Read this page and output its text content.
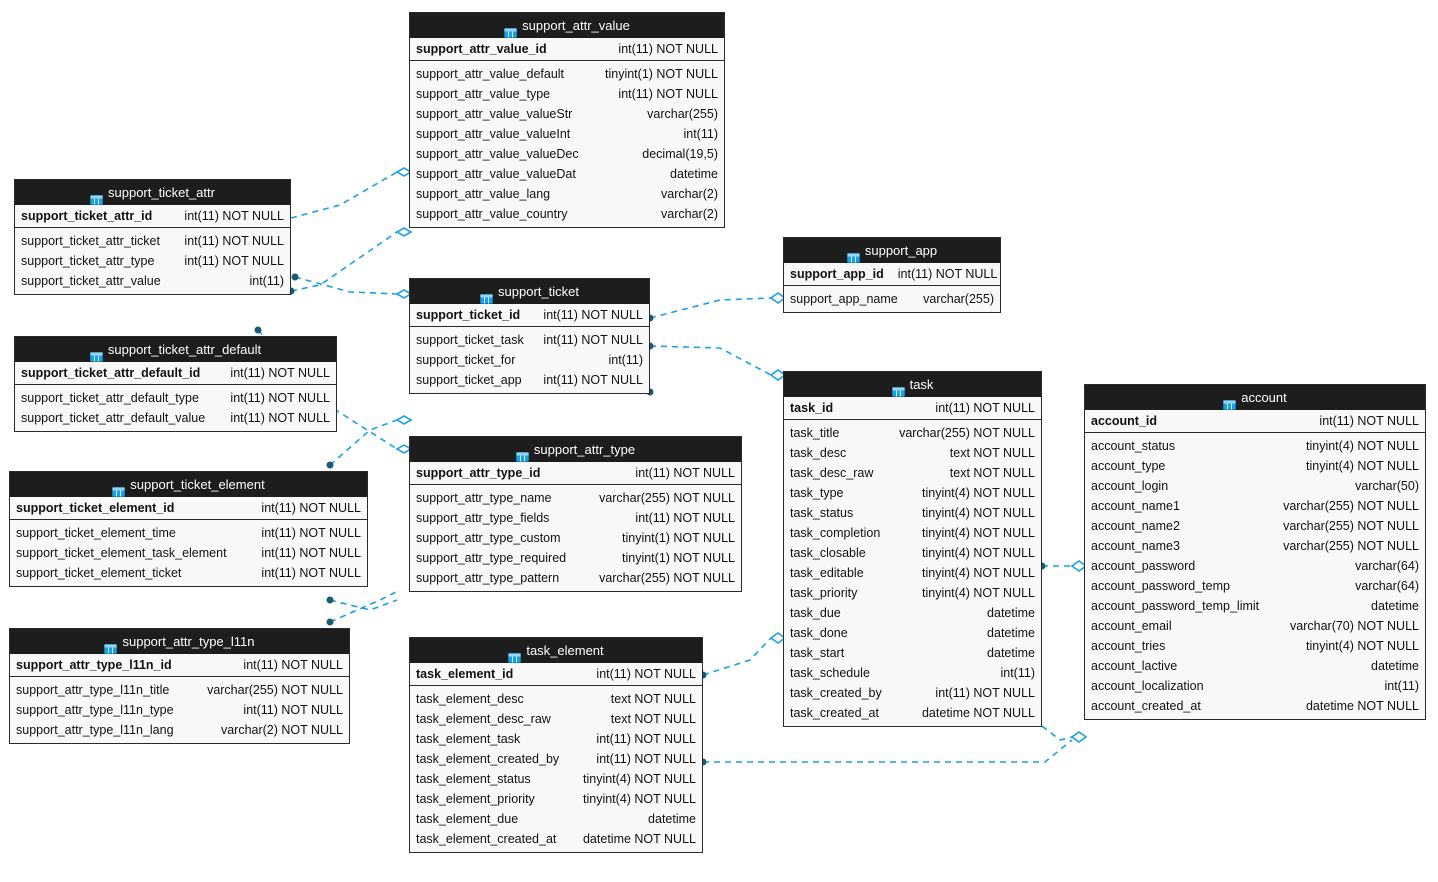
support_attr_value
support_attr_value_id	int(11) NOT NULL
support_attr_value_default	tinyint(1) NOT NULL
support_attr_value_type	int(11) NOT NULL
support_attr_value_valueStr	varchar(255)
support_attr_value_valueInt	int(11)
support_attr_value_valueDec	decimal(19,5)
support_attr_value_valueDat	datetime
support_attr_value_lang	varchar(2)
support_attr_value_country	varchar(2)
support_ticket_attr
support_ticket_attr_id	int(11) NOT NULL
support_ticket_attr_ticket int(11) NOT NULL
support_ticket_attr_type int(11) NOT NULL
support_ticket_attr_value	int(11)
support_app
support_app_id int(11) NOT NULL
support_app_name varchar(255)
support_ticket
support_ticket_id int(11) NOT NULL
support_ticket_task int(11) NOT NULL
support_ticket_for	int(11)
support_ticket_app int(11) NOT NULL
support_ticket_attr_default
support_ticket_attr_default_id int(11) NOT NULL
support_ticket_attr_default_type	int(11) NOT NULL
support_ticket_attr_default_value int(11) NOT NULL
task
task_id	int(11) NOT NULL
task_title	varchar(255) NOT NULL
task_desc	text NOT NULL
task_desc_raw	text NOT NULL
task_type	tinyint(4) NOT NULL
task_status	tinyint(4) NOT NULL
task_completion	tinyint(4) NOT NULL
task_closable	tinyint(4) NOT NULL
task_editable	tinyint(4) NOT NULL
task_priority	tinyint(4) NOT NULL
task_due	datetime
task_done	datetime
task_start	datetime
task_schedule	int(11)
task_created_by	int(11) NOT NULL
task_created_at	datetime NOT NULL
account
account_id	int(11) NOT NULL
account_status	tinyint(4) NOT NULL
account_type	tinyint(4) NOT NULL
account_login	varchar(50)
account_name1	varchar(255) NOT NULL
account_name2	varchar(255) NOT NULL
account_name3	varchar(255) NOT NULL
account_password	varchar(64)
account_password_temp	varchar(64)
account_password_temp_limit	datetime
account_email	varchar(70) NOT NULL
account_tries	tinyint(4) NOT NULL
account_lactive	datetime
account_localization	int(11)
account_created_at	datetime NOT NULL
support_attr_type
support_attr_type_id	int(11) NOT NULL
support_attr_type_name	varchar(255) NOT NULL
support_attr_type_fields	int(11) NOT NULL
support_attr_type_custom	tinyint(1) NOT NULL
support_attr_type_required	tinyint(1) NOT NULL
support_attr_type_pattern	varchar(255) NOT NULL
support_ticket_element
support_ticket_element_id	int(11) NOT NULL
support_ticket_element_time	int(11) NOT NULL
support_ticket_element_task_element	int(11) NOT NULL
support_ticket_element_ticket	int(11) NOT NULL
support_attr_type_l11n
support_attr_type_l11n_id	int(11) NOT NULL
support_attr_type_l11n_title	varchar(255) NOT NULL
support_attr_type_l11n_type	int(11) NOT NULL
support_attr_type_l11n_lang	varchar(2) NOT NULL
task_element
task_element_id	int(11) NOT NULL
task_element_desc	text NOT NULL
task_element_desc_raw	text NOT NULL
task_element_task	int(11) NOT NULL
task_element_created_by	int(11) NOT NULL
task_element_status	tinyint(4) NOT NULL
task_element_priority	tinyint(4) NOT NULL
task_element_due	datetime
task_element_created_at datetime NOT NULL
